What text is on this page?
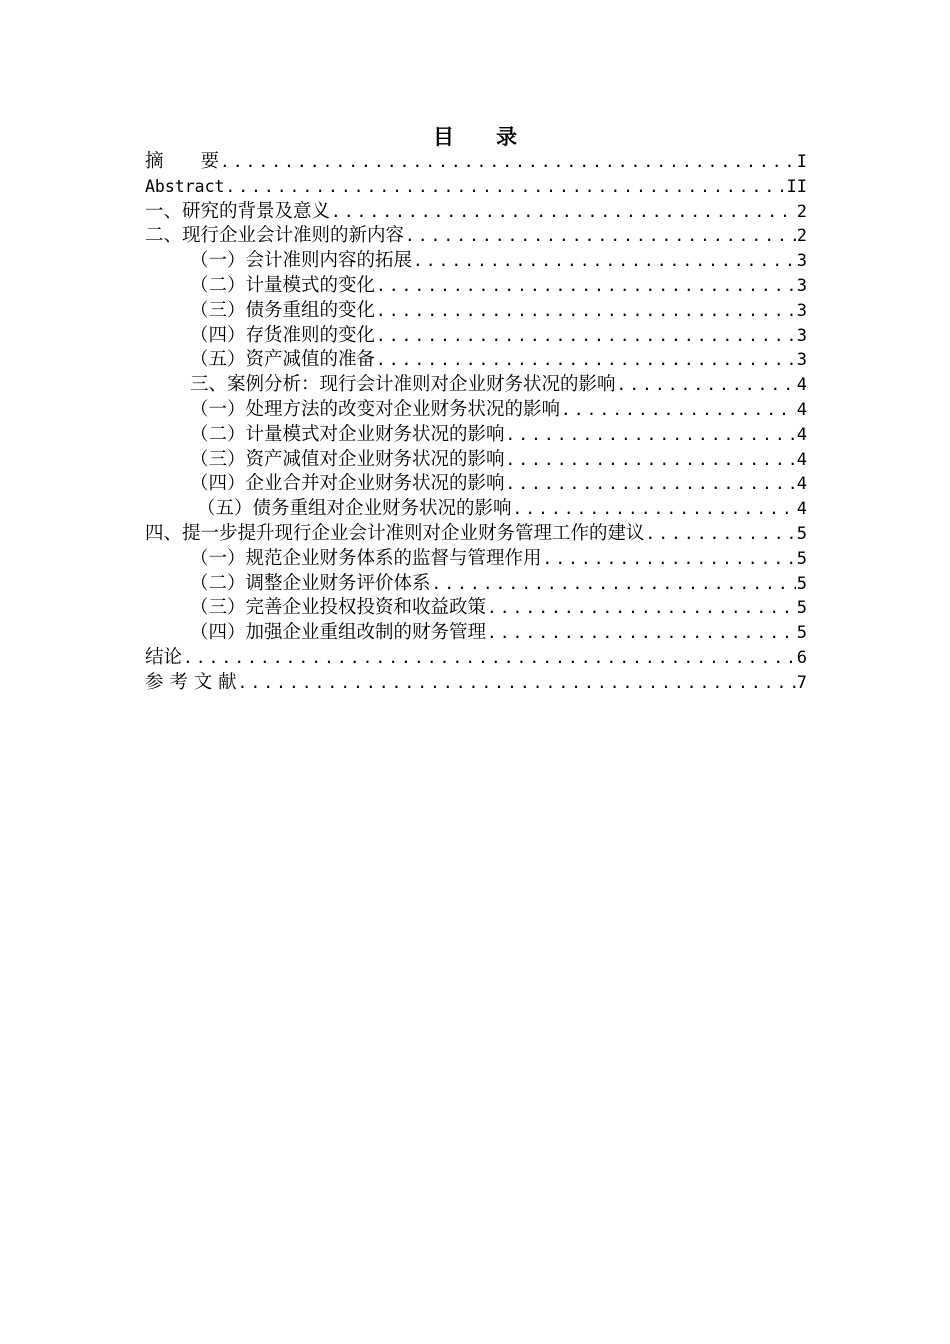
目　　录
摘　　要 .....	I
Abstract .....	II
一、研究的背景及意义 .....	2
二、现行企业会计准则的新内容 .....	2
（一）会计准则内容的拓展 .....	3
（二）计量模式的变化 .....	3
（三）债务重组的变化 .....	3
（四）存货准则的变化 .....	3
（五）资产减值的准备 .....	3
三、案例分析：现行会计准则对企业财务状况的影响 .....	4
（一）处理方法的改变对企业财务状况的影响 .....	4
（二）计量模式对企业财务状况的影响 .....	4
（三）资产减值对企业财务状况的影响 .....	4
（四）企业合并对企业财务状况的影响 .....	4
（五）债务重组对企业财务状况的影响 .....	4
四、提一步提升现行企业会计准则对企业财务管理工作的建议 .....	5
（一）规范企业财务体系的监督与管理作用 .....	5
（二）调整企业财务评价体系 .....	5
（三）完善企业投权投资和收益政策 .....	5
（四）加强企业重组改制的财务管理 .....	5
结论 .....	6
参 考 文 献 .....	7
